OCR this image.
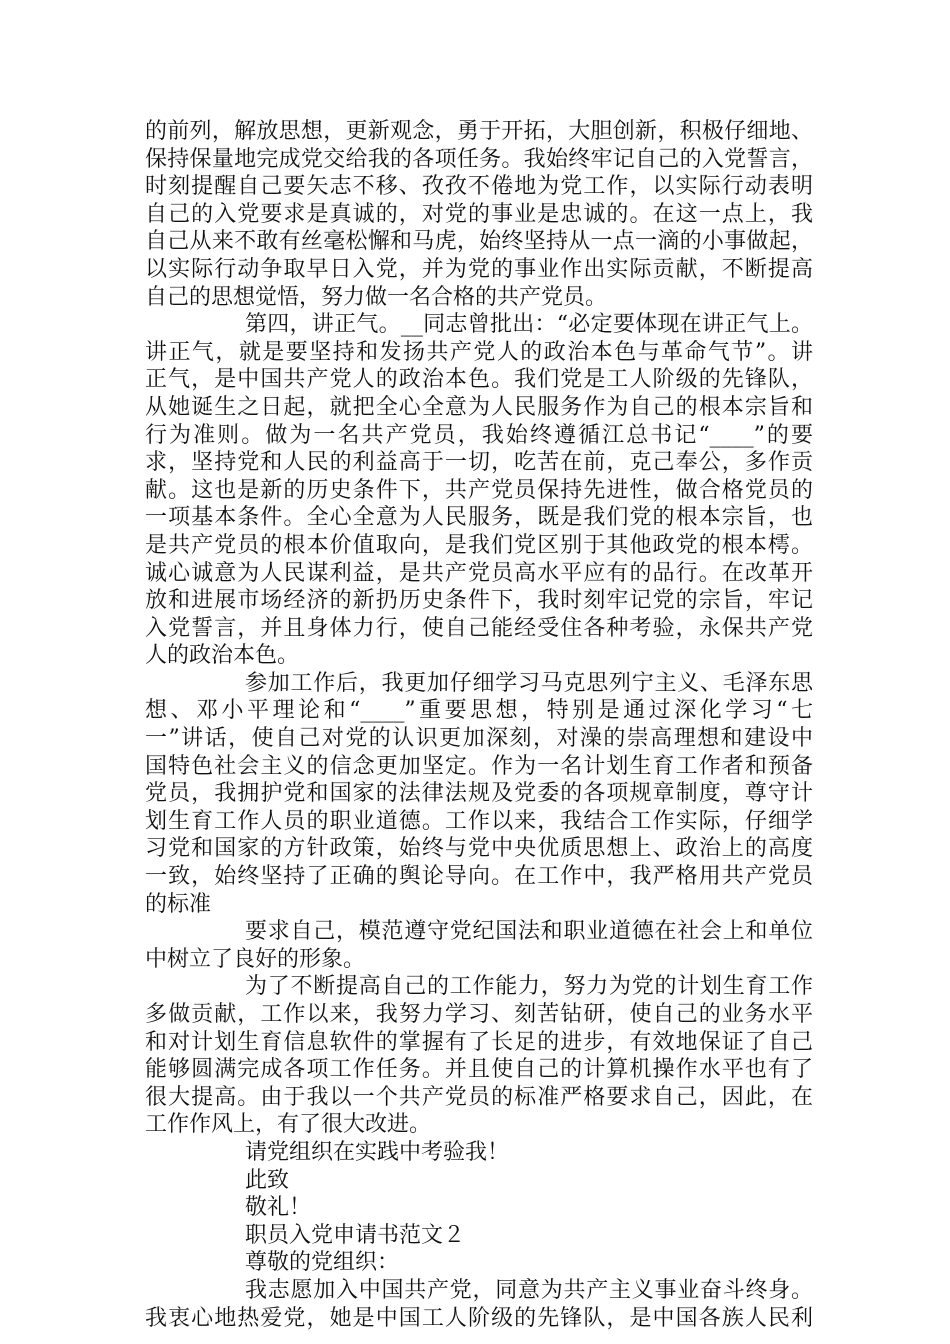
的前列，解放思想，更新观念，勇于开拓，大胆创新，积极仔细地、
保持保量地完成党交给我的各项任务。我始终牢记自己的入党誓言，
时刻提醒自己要矢志不移、孜孜不倦地为党工作，以实际行动表明
自己的入党要求是真诚的，对党的事业是忠诚的。在这一点上，我
自己从来不敢有丝毫松懈和马虎，始终坚持从一点一滴的小事做起，
以实际行动争取早日入党，并为党的事业作出实际贡献，不断提高
自己的思想觉悟，努力做一名合格的共产党员。
第四，讲正气。__同志曾批出：“必定要体现在讲正气上。
讲正气，就是要坚持和发扬共产党人的政治本色与革命气节”。讲
正气，是中国共产党人的政治本色。我们党是工人阶级的先锋队，
从她诞生之日起，就把全心全意为人民服务作为自己的根本宗旨和
行为准则。做为一名共产党员，我始终遵循江总书记“____”的要
求，坚持党和人民的利益高于一切，吃苦在前，克己奉公，多作贡
献。这也是新的历史条件下，共产党员保持先进性，做合格党员的
一项基本条件。全心全意为人民服务，既是我们党的根本宗旨，也
是共产党员的根本价值取向，是我们党区别于其他政党的根本樗。
诚心诚意为人民谋利益，是共产党员高水平应有的品行。在改革开
放和进展市场经济的新扔历史条件下，我时刻牢记党的宗旨，牢记
入党誓言，并且身体力行，使自己能经受住各种考验，永保共产党
人的政治本色。
参加工作后，我更加仔细学习马克思列宁主义、毛泽东思
想、邓小平理论和“____”重要思想，特别是通过深化学习“七
一”讲话，使自己对党的认识更加深刻，对澡的崇高理想和建设中
国特色社会主义的信念更加坚定。作为一名计划生育工作者和预备
党员，我拥护党和国家的法律法规及党委的各项规章制度，尊守计
划生育工作人员的职业道德。工作以来，我结合工作实际，仔细学
习党和国家的方针政策，始终与党中央优质思想上、政治上的高度
一致，始终坚持了正确的舆论导向。在工作中，我严格用共产党员
的标准
要求自己，模范遵守党纪国法和职业道德在社会上和单位
中树立了良好的形象。
为了不断提高自己的工作能力，努力为党的计划生育工作
多做贡献，工作以来，我努力学习、刻苦钻研，使自己的业务水平
和对计划生育信息软件的掌握有了长足的进步，有效地保证了自己
能够圆满完成各项工作任务。并且使自己的计算机操作水平也有了
很大提高。由于我以一个共产党员的标准严格要求自己，因此，在
工作作风上，有了很大改进。
请党组织在实践中考验我！
此致
敬礼！
职员入党申请书范文２
尊敬的党组织：
我志愿加入中国共产党，同意为共产主义事业奋斗终身。
我衷心地热爱党，她是中国工人阶级的先锋队，是中国各族人民利
